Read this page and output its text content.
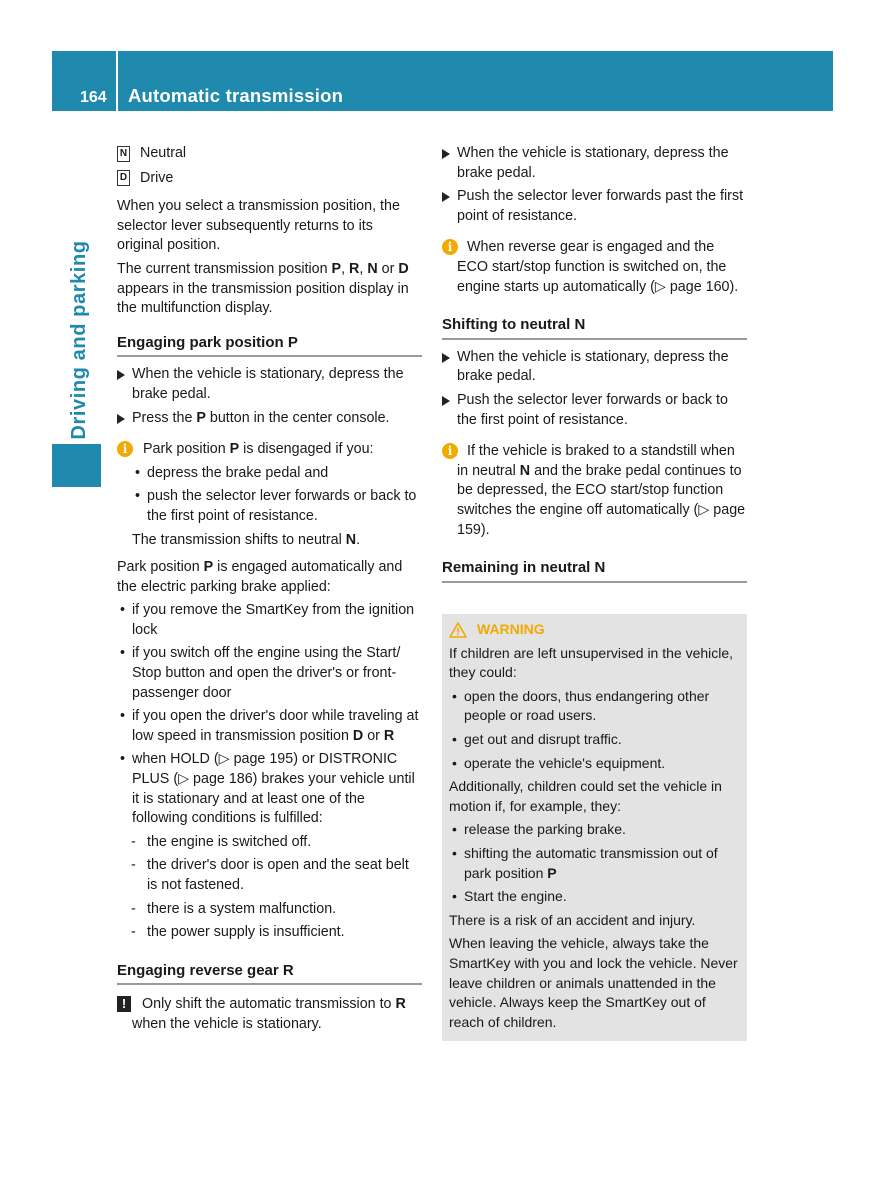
164 Automatic transmission
Driving and parking
N Neutral
D Drive

When you select a transmission position, the selector lever subsequently returns to its original position.

The current transmission position P, R, N or D appears in the transmission position display in the multifunction display.

Engaging park position P
When the vehicle is stationary, depress the brake pedal.
Press the P button in the center console.
i	Park position P is disengaged if you:
• depress the brake pedal and
• push the selector lever forwards or back to the first point of resistance.

The transmission shifts to neutral N.

Park position P is engaged automatically and the electric parking brake applied:

• if you remove the SmartKey from the ignition lock
• if you switch off the engine using the Start/ Stop button and open the driver's or front-passenger door
• if you open the driver's door while traveling at low speed in transmission position D or R
• when HOLD (▷ page 195) or DISTRONIC PLUS (▷ page 186) brakes your vehicle until it is stationary and at least one of the following conditions is fulfilled:
- the engine is switched off.
- the driver's door is open and the seat belt is not fastened.
- there is a system malfunction.
- the power supply is insufficient.
Engaging reverse gear R
!	Only shift the automatic transmission to R when the vehicle is stationary.
When the vehicle is stationary, depress the brake pedal.
Push the selector lever forwards past the first point of resistance.
i	When reverse gear is engaged and the ECO start/stop function is switched on, the engine starts up automatically (▷ page 160).
Shifting to neutral N
When the vehicle is stationary, depress the brake pedal.
Push the selector lever forwards or back to the first point of resistance.
i	If the vehicle is braked to a standstill when in neutral N and the brake pedal continues to be depressed, the ECO start/stop function switches the engine off automatically (▷ page 159).
Remaining in neutral N
WARNING

If children are left unsupervised in the vehicle, they could:

• open the doors, thus endangering other people or road users.
• get out and disrupt traffic.
• operate the vehicle's equipment.

Additionally, children could set the vehicle in motion if, for example, they:

• release the parking brake.
• shifting the automatic transmission out of park position P
• Start the engine.

There is a risk of an accident and injury.

When leaving the vehicle, always take the SmartKey with you and lock the vehicle. Never leave children or animals unattended in the vehicle. Always keep the SmartKey out of reach of children.
